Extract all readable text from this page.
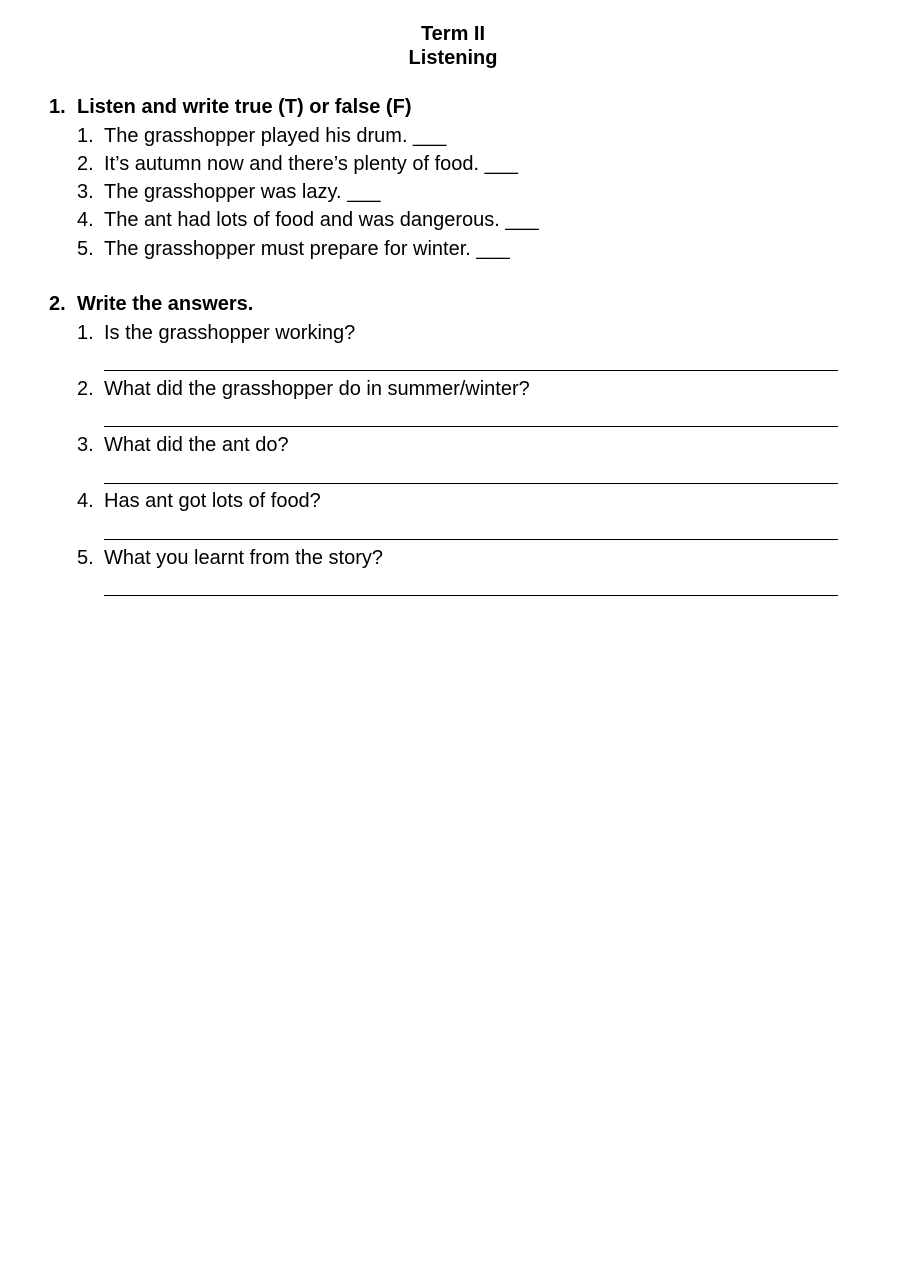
Term II
Listening
1. Listen and write true (T) or false (F)
1. The grasshopper played his drum. ___
2. It’s autumn now and there’s plenty of food. ___
3. The grasshopper was lazy. ___
4. The ant had lots of food and was dangerous. ___
5. The grasshopper must prepare for winter. ___
2. Write the answers.
1. Is the grasshopper working?
2. What did the grasshopper do in summer/winter?
3. What did the ant do?
4. Has ant got lots of food?
5. What you learnt from the story?
